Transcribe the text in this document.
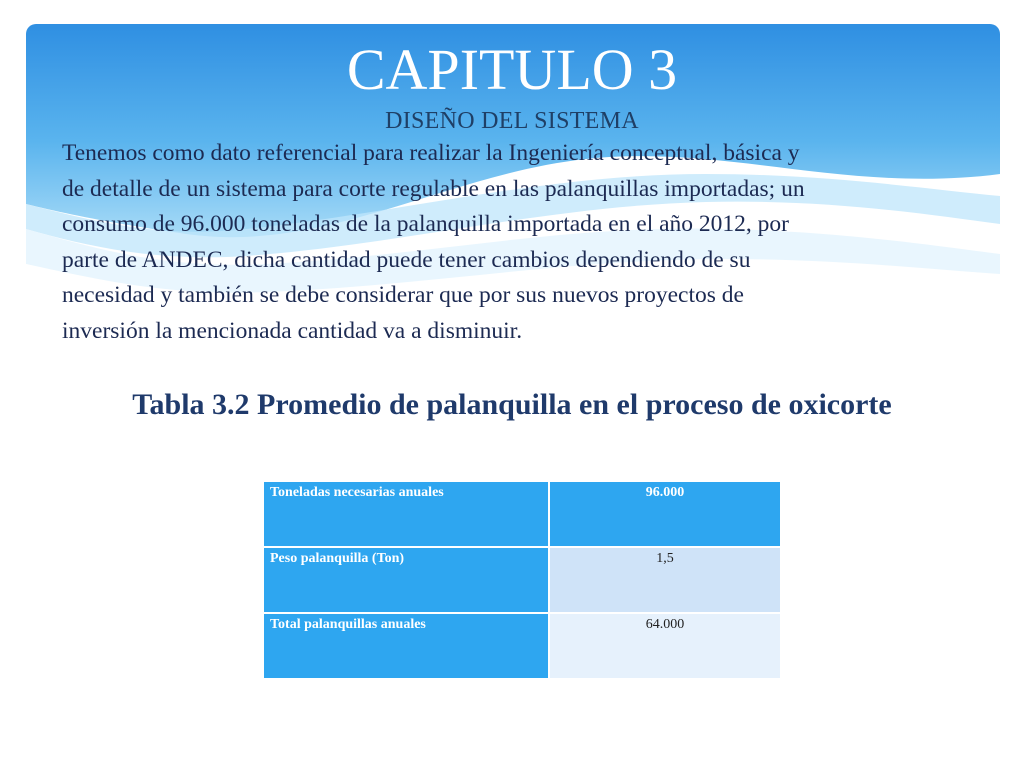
CAPITULO 3
DISEÑO DEL SISTEMA
Tenemos como dato referencial para realizar la Ingeniería conceptual, básica y
de detalle de un sistema para corte regulable en las palanquillas importadas; un
consumo de 96.000 toneladas de la palanquilla importada en el año 2012, por
parte de ANDEC, dicha cantidad puede tener cambios dependiendo de su
necesidad y también se debe considerar que por sus nuevos proyectos de
inversión la mencionada cantidad va a disminuir.
Tabla 3.2 Promedio de palanquilla en el proceso de oxicorte
Toneladas necesarias anuales	96.000
Peso palanquilla (Ton)	1,5
Total palanquillas anuales	64.000
